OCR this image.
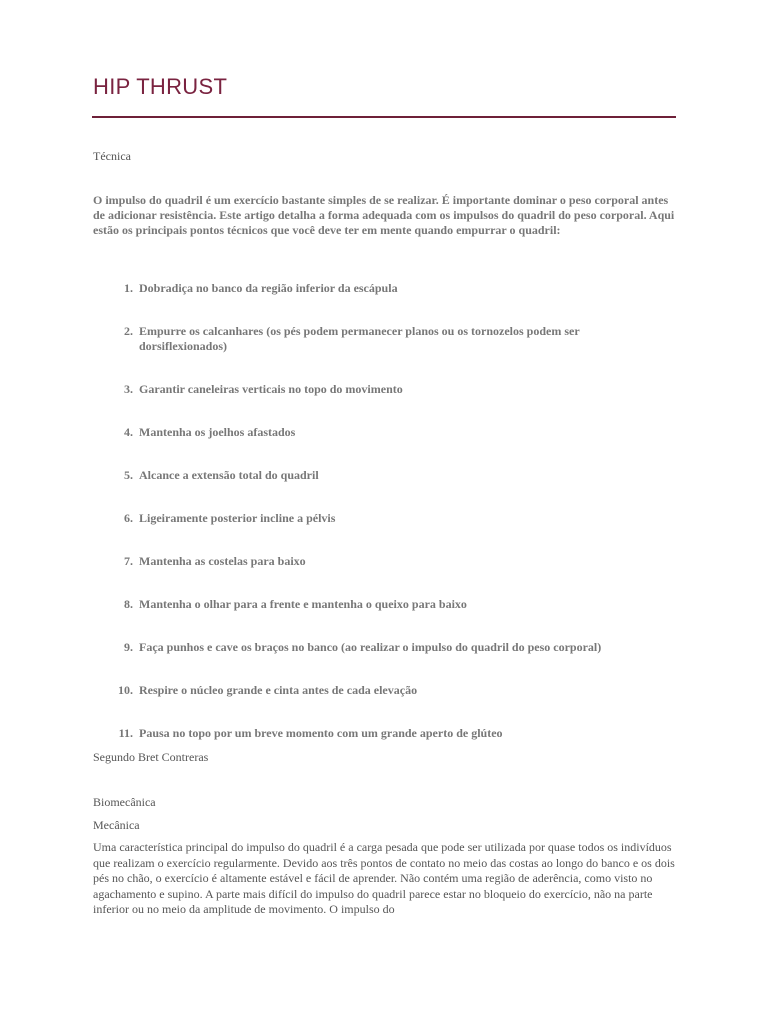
HIP THRUST
Técnica

O impulso do quadril é um exercício bastante simples de se realizar. É importante dominar o peso corporal antes de adicionar resistência. Este artigo detalha a forma adequada com os impulsos do quadril do peso corporal. Aqui estão os principais pontos técnicos que você deve ter em mente quando empurrar o quadril:

1. Dobradiça no banco da região inferior da escápula
2. Empurre os calcanhares (os pés podem permanecer planos ou os tornozelos podem ser dorsiflexionados)
3. Garantir caneleiras verticais no topo do movimento
4. Mantenha os joelhos afastados
5. Alcance a extensão total do quadril
6. Ligeiramente posterior incline a pélvis
7. Mantenha as costelas para baixo
8. Mantenha o olhar para a frente e mantenha o queixo para baixo
9. Faça punhos e cave os braços no banco (ao realizar o impulso do quadril do peso corporal)
10. Respire o núcleo grande e cinta antes de cada elevação
11. Pausa no topo por um breve momento com um grande aperto de glúteo
Segundo Bret Contreras
Biomecânica
Mecânica

Uma característica principal do impulso do quadril é a carga pesada que pode ser utilizada por quase todos os indivíduos que realizam o exercício regularmente. Devido aos três pontos de contato no meio das costas ao longo do banco e os dois pés no chão, o exercício é altamente estável e fácil de aprender. Não contém uma região de aderência, como visto no agachamento e supino. A parte mais difícil do impulso do quadril parece estar no bloqueio do exercício, não na parte inferior ou no meio da amplitude de movimento. O impulso do
